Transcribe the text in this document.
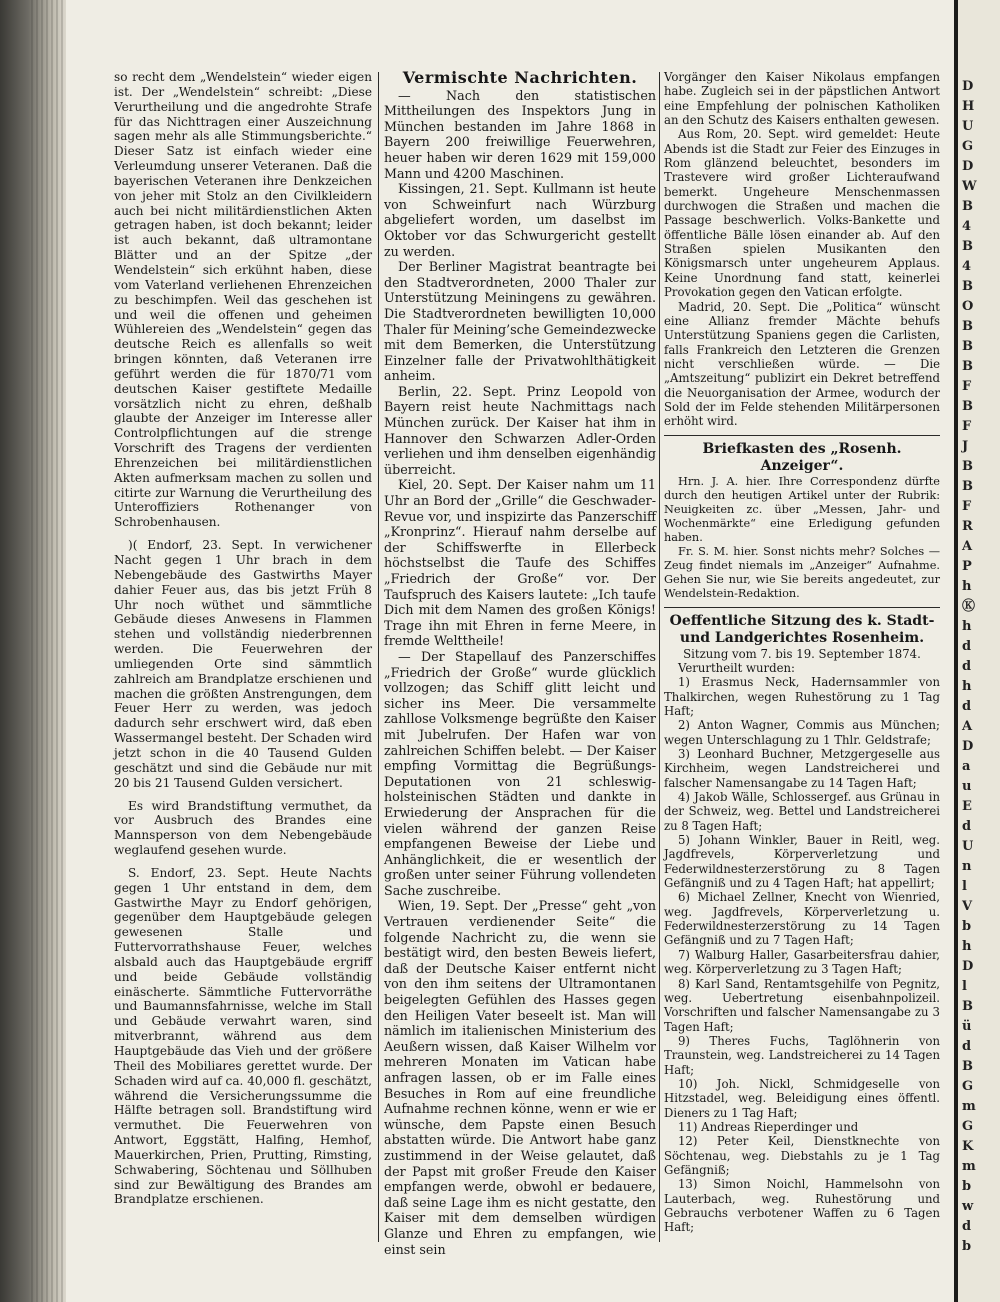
D
H
U
G
D
W
B
4
B
4
B
O
B
B
B
F
B
F
J
B
B
F
R
A
P
h
Ⓚ
h
d
d
h
d
A
D
a
u
E
d
U
n
l
V
b
h
D
l
B
ü
d
B
G
m
G
K
m
b
w
d
b

so recht dem „Wendelstein“ wieder eigen ist. Der „Wendelstein“ schreibt: „Diese Verurtheilung und die angedrohte Strafe für das Nichttragen einer Auszeichnung sagen mehr als alle Stimmungsberichte.“ Dieser Satz ist einfach wieder eine Verleumdung unserer Veteranen. Daß die bayerischen Veteranen ihre Denkzeichen von jeher mit Stolz an den Civilkleidern auch bei nicht militärdienstlichen Akten getragen haben, ist doch bekannt; leider ist auch bekannt, daß ultramontane Blätter und an der Spitze „der Wendelstein“ sich erkühnt haben, diese vom Vaterland verliehenen Ehrenzeichen zu beschimpfen. Weil das geschehen ist und weil die offenen und geheimen Wühlereien des „Wendelstein“ gegen das deutsche Reich es allenfalls so weit bringen könnten, daß Veteranen irre geführt werden die für 1870/71 vom deutschen Kaiser gestiftete Medaille vorsätzlich nicht zu ehren, deßhalb glaubte der Anzeiger im Interesse aller Controlpflichtungen auf die strenge Vorschrift des Tragens der verdienten Ehrenzeichen bei militärdienstlichen Akten aufmerksam machen zu sollen und citirte zur Warnung die Verurtheilung des Unteroffiziers Rothenanger von Schrobenhausen.

)( Endorf, 23. Sept. In verwichener Nacht gegen 1 Uhr brach in dem Nebengebäude des Gastwirths Mayer dahier Feuer aus, das bis jetzt Früh 8 Uhr noch wüthet und sämmtliche Gebäude dieses Anwesens in Flammen stehen und vollständig niederbrennen werden. Die Feuerwehren der umliegenden Orte sind sämmtlich zahlreich am Brandplatze erschienen und machen die größten Anstrengungen, dem Feuer Herr zu werden, was jedoch dadurch sehr erschwert wird, daß eben Wassermangel besteht. Der Schaden wird jetzt schon in die 40 Tausend Gulden geschätzt und sind die Gebäude nur mit 20 bis 21 Tausend Gulden versichert.

Es wird Brandstiftung vermuthet, da vor Ausbruch des Brandes eine Mannsperson von dem Nebengebäude weglaufend gesehen wurde.

S. Endorf, 23. Sept. Heute Nachts gegen 1 Uhr entstand in dem, dem Gastwirthe Mayr zu Endorf gehörigen, gegenüber dem Hauptgebäude gelegen gewesenen Stalle und Futtervorrathshause Feuer, welches alsbald auch das Hauptgebäude ergriff und beide Gebäude vollständig einäscherte. Sämmtliche Futtervorräthe und Baumannsfahrnisse, welche im Stall und Gebäude verwahrt waren, sind mitverbrannt, während aus dem Hauptgebäude das Vieh und der größere Theil des Mobiliares gerettet wurde. Der Schaden wird auf ca. 40,000 fl. geschätzt, während die Versicherungssumme die Hälfte betragen soll. Brandstiftung wird vermuthet. Die Feuerwehren von Antwort, Eggstätt, Halfing, Hemhof, Mauerkirchen, Prien, Prutting, Rimsting, Schwabering, Söchtenau und Söllhuben sind zur Bewältigung des Brandes am Brandplatze erschienen.

Vermischte Nachrichten.

— Nach den statistischen Mittheilungen des Inspektors Jung in München bestanden im Jahre 1868 in Bayern 200 freiwillige Feuerwehren, heuer haben wir deren 1629 mit 159,000 Mann und 4200 Maschinen.

Kissingen, 21. Sept. Kullmann ist heute von Schweinfurt nach Würzburg abgeliefert worden, um daselbst im Oktober vor das Schwurgericht gestellt zu werden.

Der Berliner Magistrat beantragte bei den Stadtverordneten, 2000 Thaler zur Unterstützung Meiningens zu gewähren. Die Stadtverordneten bewilligten 10,000 Thaler für Meining’sche Gemeindezwecke mit dem Bemerken, die Unterstützung Einzelner falle der Privatwohlthätigkeit anheim.

Berlin, 22. Sept. Prinz Leopold von Bayern reist heute Nachmittags nach München zurück. Der Kaiser hat ihm in Hannover den Schwarzen Adler-Orden verliehen und ihm denselben eigenhändig überreicht.

Kiel, 20. Sept. Der Kaiser nahm um 11 Uhr an Bord der „Grille“ die Geschwader-Revue vor, und inspizirte das Panzerschiff „Kronprinz“. Hierauf nahm derselbe auf der Schiffswerfte in Ellerbeck höchstselbst die Taufe des Schiffes „Friedrich der Große“ vor. Der Taufspruch des Kaisers lautete: „Ich taufe Dich mit dem Namen des großen Königs! Trage ihn mit Ehren in ferne Meere, in fremde Welttheile!

— Der Stapellauf des Panzerschiffes „Friedrich der Große“ wurde glücklich vollzogen; das Schiff glitt leicht und sicher ins Meer. Die versammelte zahllose Volksmenge begrüßte den Kaiser mit Jubelrufen. Der Hafen war von zahlreichen Schiffen belebt. — Der Kaiser empfing Vormittag die Begrüßungs-Deputationen von 21 schleswig-holsteinischen Städten und dankte in Erwiederung der Ansprachen für die vielen während der ganzen Reise empfangenen Beweise der Liebe und Anhänglichkeit, die er wesentlich der großen unter seiner Führung vollendeten Sache zuschreibe.

Wien, 19. Sept. Der „Presse“ geht „von Vertrauen verdienender Seite“ die folgende Nachricht zu, die wenn sie bestätigt wird, den besten Beweis liefert, daß der Deutsche Kaiser entfernt nicht von den ihm seitens der Ultramontanen beigelegten Gefühlen des Hasses gegen den Heiligen Vater beseelt ist. Man will nämlich im italienischen Ministerium des Aeußern wissen, daß Kaiser Wilhelm vor mehreren Monaten im Vatican habe anfragen lassen, ob er im Falle eines Besuches in Rom auf eine freundliche Aufnahme rechnen könne, wenn er wie er wünsche, dem Papste einen Besuch abstatten würde. Die Antwort habe ganz zustimmend in der Weise gelautet, daß der Papst mit großer Freude den Kaiser empfangen werde, obwohl er bedauere, daß seine Lage ihm es nicht gestatte, den Kaiser mit dem demselben würdigen Glanze und Ehren zu empfangen, wie einst sein

Vorgänger den Kaiser Nikolaus empfangen habe. Zugleich sei in der päpstlichen Antwort eine Empfehlung der polnischen Katholiken an den Schutz des Kaisers enthalten gewesen.

Aus Rom, 20. Sept. wird gemeldet: Heute Abends ist die Stadt zur Feier des Einzuges in Rom glänzend beleuchtet, besonders im Trastevere wird großer Lichteraufwand bemerkt. Ungeheure Menschenmassen durchwogen die Straßen und machen die Passage beschwerlich. Volks-Bankette und öffentliche Bälle lösen einander ab. Auf den Straßen spielen Musikanten den Königsmarsch unter ungeheurem Applaus. Keine Unordnung fand statt, keinerlei Provokation gegen den Vatican erfolgte.

Madrid, 20. Sept. Die „Politica“ wünscht eine Allianz fremder Mächte behufs Unterstützung Spaniens gegen die Carlisten, falls Frankreich den Letzteren die Grenzen nicht verschließen würde. — Die „Amtszeitung“ publizirt ein Dekret betreffend die Neuorganisation der Armee, wodurch der Sold der im Felde stehenden Militärpersonen erhöht wird.

Briefkasten des „Rosenh. Anzeiger“.

Hrn. J. A. hier. Ihre Correspondenz dürfte durch den heutigen Artikel unter der Rubrik: Neuigkeiten zc. über „Messen, Jahr- und Wochenmärkte“ eine Erledigung gefunden haben.

Fr. S. M. hier. Sonst nichts mehr? Solches — Zeug findet niemals im „Anzeiger“ Aufnahme. Gehen Sie nur, wie Sie bereits angedeutet, zur Wendelstein-Redaktion.

Oeffentliche Sitzung des k. Stadt- und Landgerichtes Rosenheim.

Sitzung vom 7. bis 19. September 1874.

Verurtheilt wurden:

1) Erasmus Neck, Hadernsammler von Thalkirchen, wegen Ruhestörung zu 1 Tag Haft;

2) Anton Wagner, Commis aus München; wegen Unterschlagung zu 1 Thlr. Geldstrafe;

3) Leonhard Buchner, Metzgergeselle aus Kirchheim, wegen Landstreicherei und falscher Namensangabe zu 14 Tagen Haft;

4) Jakob Wälle, Schlossergef. aus Grünau in der Schweiz, weg. Bettel und Landstreicherei zu 8 Tagen Haft;

5) Johann Winkler, Bauer in Reitl, weg. Jagdfrevels, Körperverletzung und Federwildnesterzerstörung zu 8 Tagen Gefängniß und zu 4 Tagen Haft; hat appellirt;

6) Michael Zellner, Knecht von Wienried, weg. Jagdfrevels, Körperverletzung u. Federwildnesterzerstörung zu 14 Tagen Gefängniß und zu 7 Tagen Haft;

7) Walburg Haller, Gasarbeitersfrau dahier, weg. Körperverletzung zu 3 Tagen Haft;

8) Karl Sand, Rentamtsgehilfe von Pegnitz, weg. Uebertretung eisenbahnpolizeil. Vorschriften und falscher Namensangabe zu 3 Tagen Haft;

9) Theres Fuchs, Taglöhnerin von Traunstein, weg. Landstreicherei zu 14 Tagen Haft;

10) Joh. Nickl, Schmidgeselle von Hitzstadel, weg. Beleidigung eines öffentl. Dieners zu 1 Tag Haft;

11) Andreas Rieperdinger und

12) Peter Keil, Dienstknechte von Söchtenau, weg. Diebstahls zu je 1 Tag Gefängniß;

13) Simon Noichl, Hammelsohn von Lauterbach, weg. Ruhestörung und Gebrauchs verbotener Waffen zu 6 Tagen Haft;
